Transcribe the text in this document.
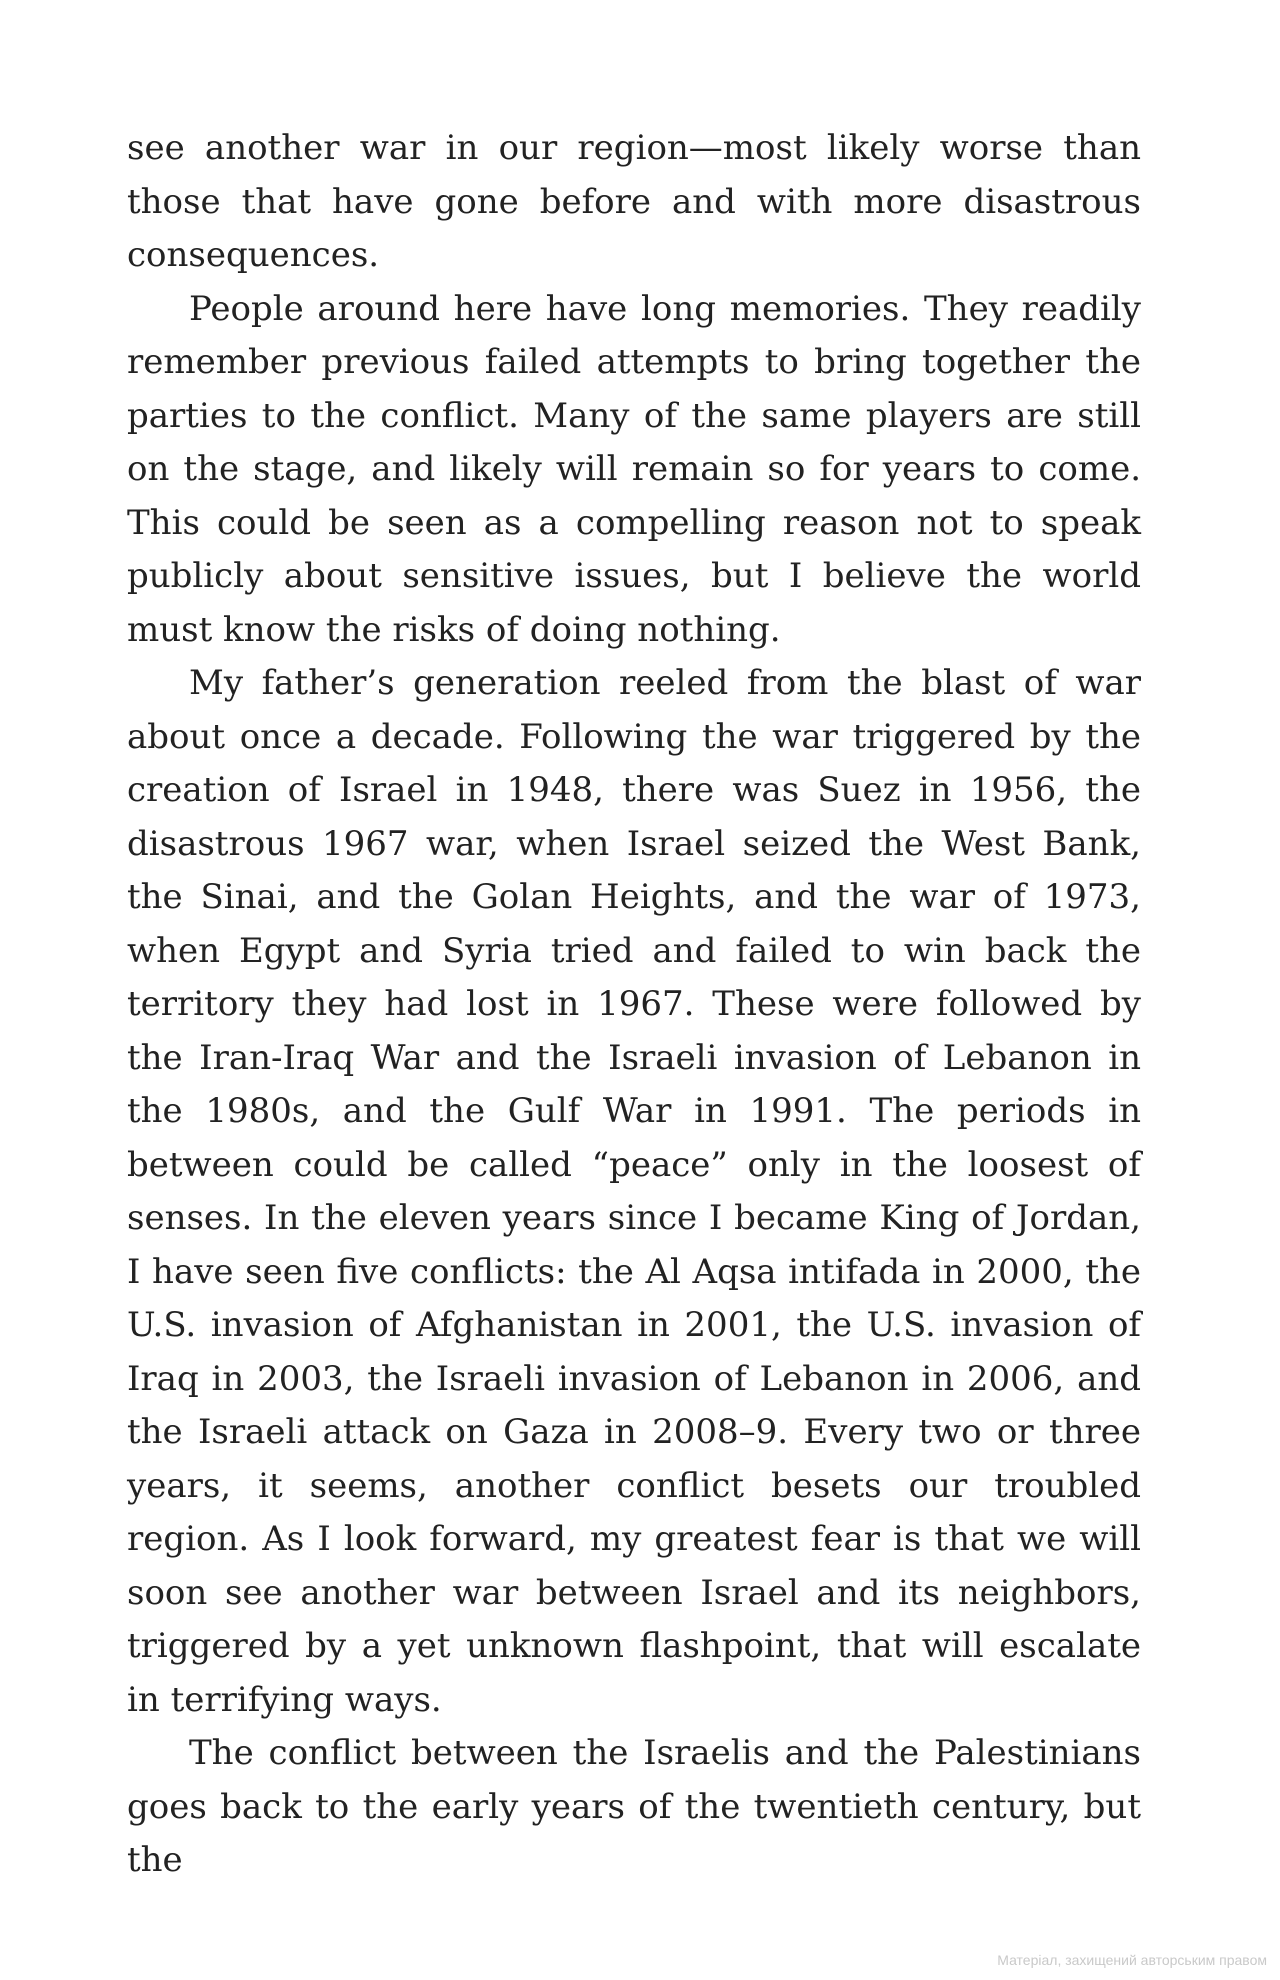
see another war in our region—most likely worse than those that have gone before and with more disastrous consequences.

People around here have long memories. They readily remember previous failed attempts to bring together the parties to the conflict. Many of the same players are still on the stage, and likely will remain so for years to come. This could be seen as a compelling reason not to speak publicly about sensitive issues, but I believe the world must know the risks of doing nothing.

My father’s generation reeled from the blast of war about once a decade. Following the war triggered by the creation of Israel in 1948, there was Suez in 1956, the disastrous 1967 war, when Israel seized the West Bank, the Sinai, and the Golan Heights, and the war of 1973, when Egypt and Syria tried and failed to win back the territory they had lost in 1967. These were followed by the Iran-Iraq War and the Israeli invasion of Lebanon in the 1980s, and the Gulf War in 1991. The periods in between could be called “peace” only in the loosest of senses. In the eleven years since I became King of Jordan, I have seen five conflicts: the Al Aqsa intifada in 2000, the U.S. invasion of Afghanistan in 2001, the U.S. invasion of Iraq in 2003, the Israeli invasion of Lebanon in 2006, and the Israeli attack on Gaza in 2008–9. Every two or three years, it seems, another conflict besets our troubled region. As I look forward, my greatest fear is that we will soon see another war between Israel and its neighbors, triggered by a yet unknown flashpoint, that will escalate in terrifying ways.

The conflict between the Israelis and the Palestinians goes back to the early years of the twentieth century, but the

Матеріал, захищений авторським правом
